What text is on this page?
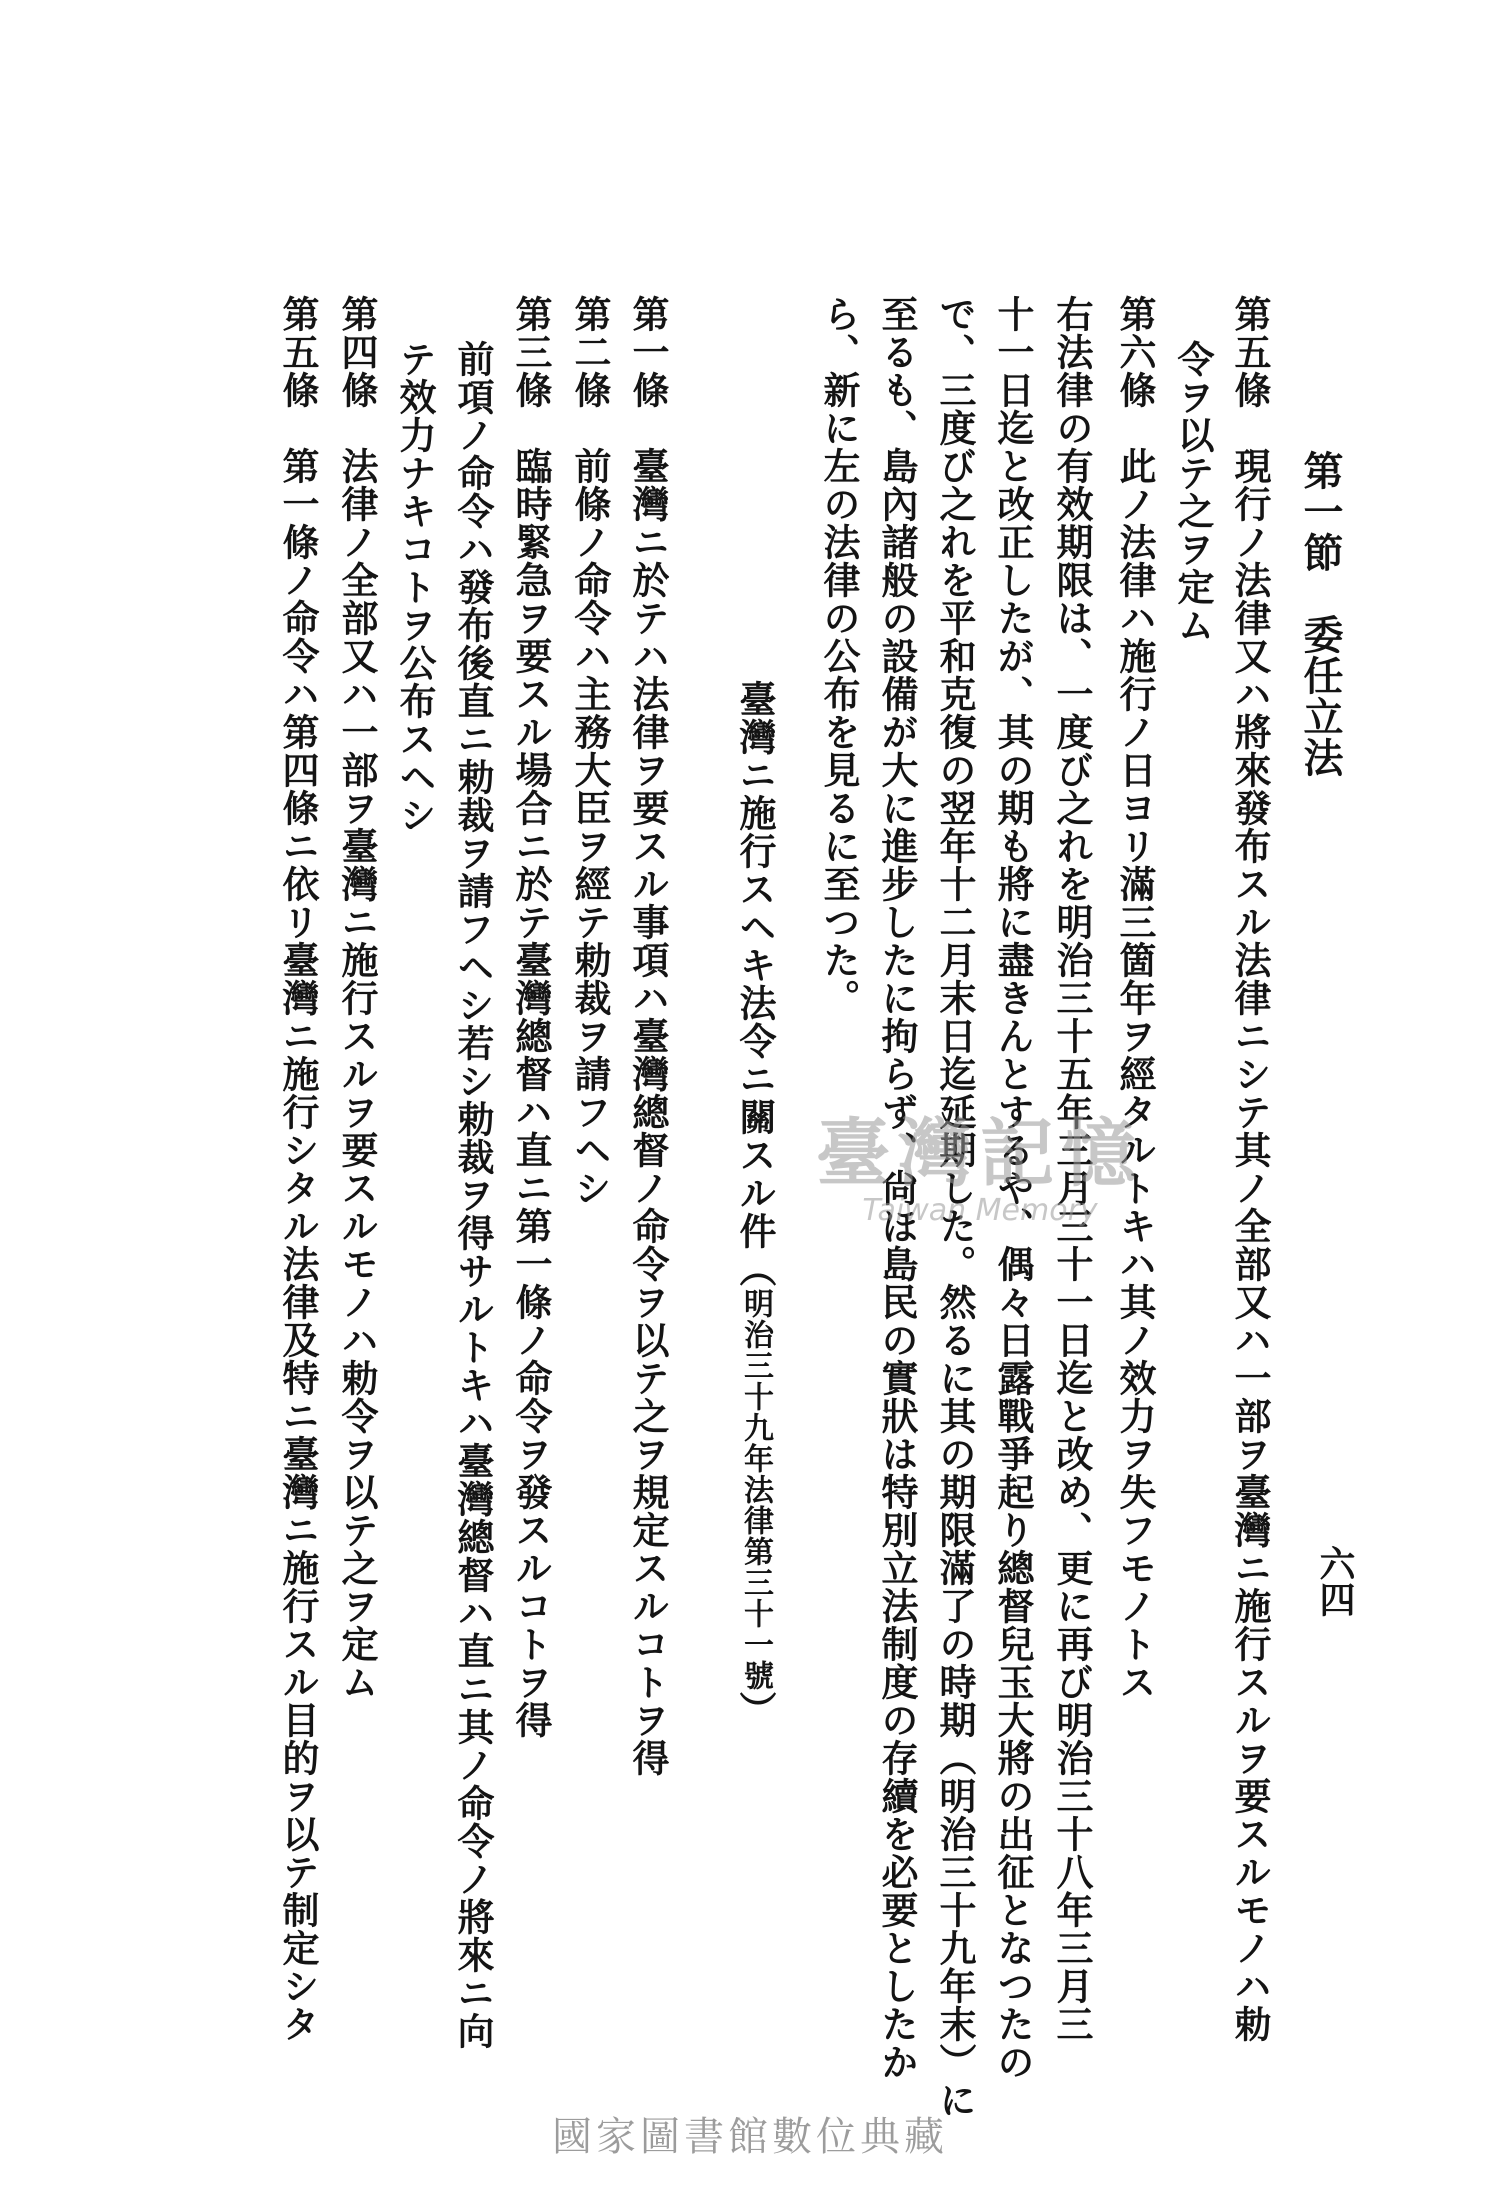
第一節　委任立法
六四
第五條　現行ノ法律又ハ將來發布スル法律ニシテ其ノ全部又ハ一部ヲ臺灣ニ施行スルヲ要スルモノハ勅
令ヲ以テ之ヲ定ム
第六條　此ノ法律ハ施行ノ日ヨリ滿三箇年ヲ經タルトキハ其ノ效力ヲ失フモノトス
右法律の有效期限は、一度び之れを明治三十五年三月三十一日迄と改め、更に再び明治三十八年三月三
十一日迄と改正したが、其の期も將に盡きんとするや、偶々日露戰爭起り總督兒玉大將の出征となつたの
で、三度び之れを平和克復の翌年十二月末日迄延期した。然るに其の期限滿了の時期（明治三十九年末）に
至るも、島內諸般の設備が大に進步したに拘らず、尙ほ島民の實狀は特別立法制度の存續を必要としたか
ら、新に左の法律の公布を見るに至つた。
臺灣ニ施行スヘキ法令ニ關スル件（明治三十九年法律第三十一號）
第一條　臺灣ニ於テハ法律ヲ要スル事項ハ臺灣總督ノ命令ヲ以テ之ヲ規定スルコトヲ得
第二條　前條ノ命令ハ主務大臣ヲ經テ勅裁ヲ請フヘシ
第三條　臨時緊急ヲ要スル場合ニ於テ臺灣總督ハ直ニ第一條ノ命令ヲ發スルコトヲ得
前項ノ命令ハ發布後直ニ勅裁ヲ請フヘシ若シ勅裁ヲ得サルトキハ臺灣總督ハ直ニ其ノ命令ノ將來ニ向
テ效力ナキコトヲ公布スヘシ
第四條　法律ノ全部又ハ一部ヲ臺灣ニ施行スルヲ要スルモノハ勅令ヲ以テ之ヲ定ム
第五條　第一條ノ命令ハ第四條ニ依リ臺灣ニ施行シタル法律及特ニ臺灣ニ施行スル目的ヲ以テ制定シタ	臺灣記憶
Taiwan Memory
國家圖書館數位典藏
